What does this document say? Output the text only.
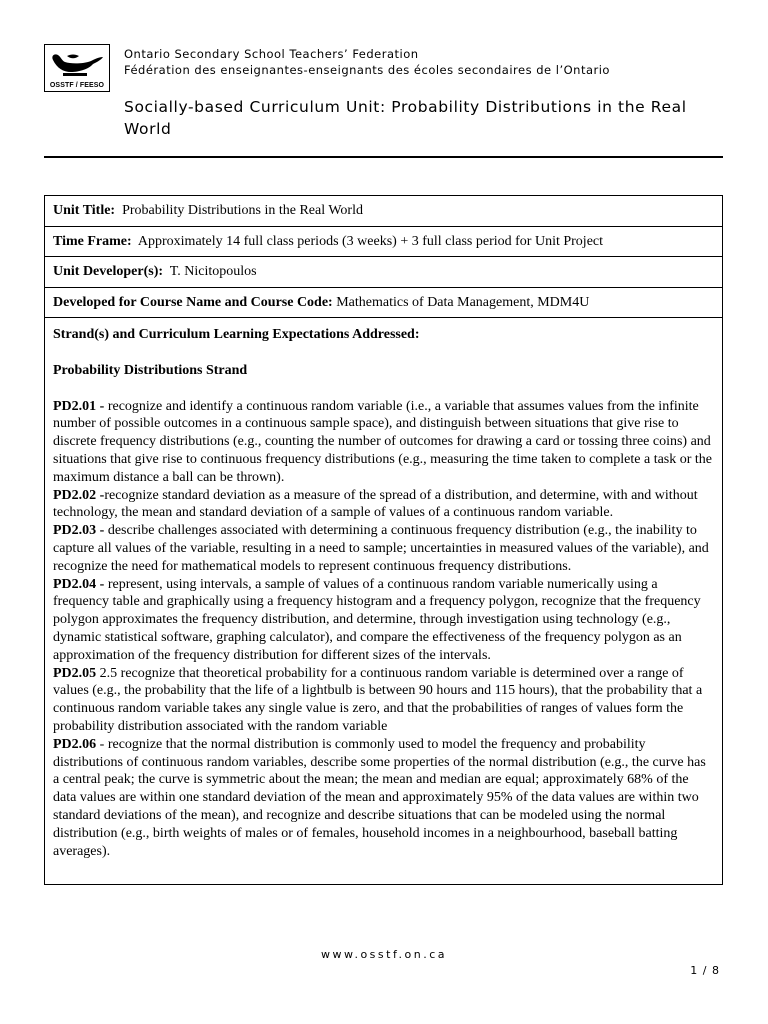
OSSTF / FEESO
Ontario Secondary School Teachers’ Federation
Fédération des enseignantes-enseignants des écoles secondaires de l’Ontario
Socially-based Curriculum Unit: Probability Distributions in the Real World
Unit Title: Probability Distributions in the Real World
Time Frame: Approximately 14 full class periods (3 weeks) + 3 full class period for Unit Project
Unit Developer(s): T. Nicitopoulos
Developed for Course Name and Course Code: Mathematics of Data Management, MDM4U

Strand(s) and Curriculum Learning Expectations Addressed:

Probability Distributions Strand

PD2.01 - recognize and identify a continuous random variable (i.e., a variable that assumes values from the infinite number of possible outcomes in a continuous sample space), and distinguish between situations that give rise to discrete frequency distributions (e.g., counting the number of outcomes for drawing a card or tossing three coins) and situations that give rise to continuous frequency distributions (e.g., measuring the time taken to complete a task or the maximum distance a ball can be thrown).

PD2.02 -recognize standard deviation as a measure of the spread of a distribution, and determine, with and without technology, the mean and standard deviation of a sample of values of a continuous random variable.

PD2.03 - describe challenges associated with determining a continuous frequency distribution (e.g., the inability to capture all values of the variable, resulting in a need to sample; uncertainties in measured values of the variable), and recognize the need for mathematical models to represent continuous frequency distributions.

PD2.04 - represent, using intervals, a sample of values of a continuous random variable numerically using a frequency table and graphically using a frequency histogram and a frequency polygon, recognize that the frequency polygon approximates the frequency distribution, and determine, through investigation using technology (e.g., dynamic statistical software, graphing calculator), and compare the effectiveness of the frequency polygon as an approximation of the frequency distribution for different sizes of the intervals.

PD2.05 2.5 recognize that theoretical probability for a continuous random variable is determined over a range of values (e.g., the probability that the life of a lightbulb is between 90 hours and 115 hours), that the probability that a continuous random variable takes any single value is zero, and that the probabilities of ranges of values form the probability distribution associated with the random variable

PD2.06 - recognize that the normal distribution is commonly used to model the frequency and probability distributions of continuous random variables, describe some properties of the normal distribution (e.g., the curve has a central peak; the curve is symmetric about the mean; the mean and median are equal; approximately 68% of the data values are within one standard deviation of the mean and approximately 95% of the data values are within two standard deviations of the mean), and recognize and describe situations that can be modeled using the normal distribution (e.g., birth weights of males or of females, household incomes in a neighbourhood, baseball batting averages).

www.osstf.on.ca
1 / 8
